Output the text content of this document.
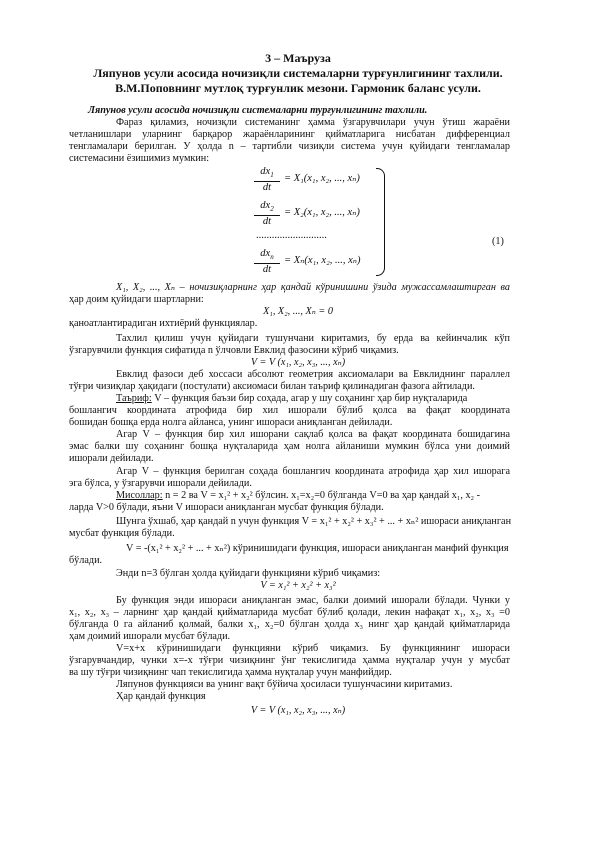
3 – Маъруза
Ляпунов усули асосида ночизиқли системаларни турғунлигининг тахлили.
В.М.Поповнинг мутлоқ турғунлик мезони. Гармоник баланс усули.
Ляпунов усули асосида ночизиқли системаларни турғунлигининг тахлили.
Фараз қиламиз, ночизқли системанинг ҳамма ўзгарувчилари учун ўтиш жараёни
четланишлари уларнинг барқарор жараёнларининг қийматларига нисбатан дифференциал
тенгламалари берилган. У ҳолда n – тартибли чизиқли система учун қуйидаги тенгламалар
системасини ёзишимиз мумкин:
$\frac{dx_1}{dt} = X_1(x_1$, x₂, ..., xₙ)
$\frac{dx_2}{dt} = X_2(x_1$, x₂, ..., xₙ)
...........................
$dx_n$
dt
= Xₙ(x₁, x₂, ..., xₙ)
(1)
X₁, X₂, ..., Xₙ – ночизиқларнинг ҳар қандай кўринишини ўзида мужассамлаштирган ва
ҳар доим қуйидаги шартларни:
X₁, X₂, ..., Xₙ = 0
қаноатлантирадиган ихтиёрий функциялар.
Тахлил қилиш учун қуйидаги тушунчани киритамиз, бу ерда ва кейинчалик кўп
ўзгарувчили функция сифатида n ўлчовли Евклид фазосини кўриб чиқамиз.
V = V (x₁, x₂, x₃, ..., xₙ)
Евклид фазоси деб хоссаси абсолют геометрия аксиомалари ва Евклиднинг параллел
тўғри чизиқлар ҳақидаги (постулати) аксиомаси билан таъриф қилинадиган фазога айтилади.
Таъриф: V – функция баъзи бир соҳада, агар у шу соҳанинг ҳар бир нуқталарида
бошлангич координата атрофида бир хил ишорали бўлиб қолса ва фақат координата
бошидан бошқа ерда нолга айланса, унинг ишораси аниқланган дейилади.
Агар V – функция бир хил ишорани сақлаб қолса ва фақат координата бошидагина
эмас балки шу соҳанинг бошқа нуқталарида ҳам нолга айланиши мумкин бўлса уни доимий
ишорали дейилади.
Агар V – функция берилган соҳада бошлангич координата атрофида ҳар хил ишорага
эга бўлса, у ўзгарувчи ишорали дейилади.
Мисоллар: n = 2 ва V = x₁² + x₂² бўлсин. x₁=x₂=0 бўлганда V=0 ва ҳар қандай x₁, x₂ -
ларда V>0 бўлади, яъни V ишораси аниқланган мусбат функция бўлади.
Шунга ўхшаб, ҳар қандай n учун функция V = x₁² + x₂² + x₃² + ... + xₙ² ишораси аниқланган
мусбат функция бўлади.
V = -(x₁² + x₂² + ... + xₙ²) кўринишидаги функция, ишораси аниқланган манфий функция
бўлади.
Энди n=3 бўлган ҳолда қуйидаги функцияни кўриб чиқамиз:
V = x₁² + x₂² + x₃²
Бу функция энди ишораси аниқланган эмас, балки доимий ишорали бўлади. Чунки у
x₁, x₂, x₃ – ларнинг ҳар қандай қийматларида мусбат бўлиб қолади, лекин нафақат x₁, x₂, x₃ =0
бўлганда 0 га айланиб қолмай, балки x₁, x₂=0 бўлган ҳолда x₃ нинг ҳар қандай қийматларида
ҳам доимий ишорали мусбат бўлади.
V=x+x кўринишидаги функцияни кўриб чиқамиз. Бу функциянинг ишораси
ўзгарувчандир, чунки x=-x тўғри чизиқнинг ўнг текислигида ҳамма нуқталар учун у мусбат
ва шу тўғри чизиқнинг чап текислигида ҳамма нуқталар учун манфийдир.
Ляпунов функцияси ва унинг вақт бўйича ҳосиласи тушунчасини киритамиз.
Ҳар қандай функция
V = V (x₁, x₂, x₃, ..., xₙ)
